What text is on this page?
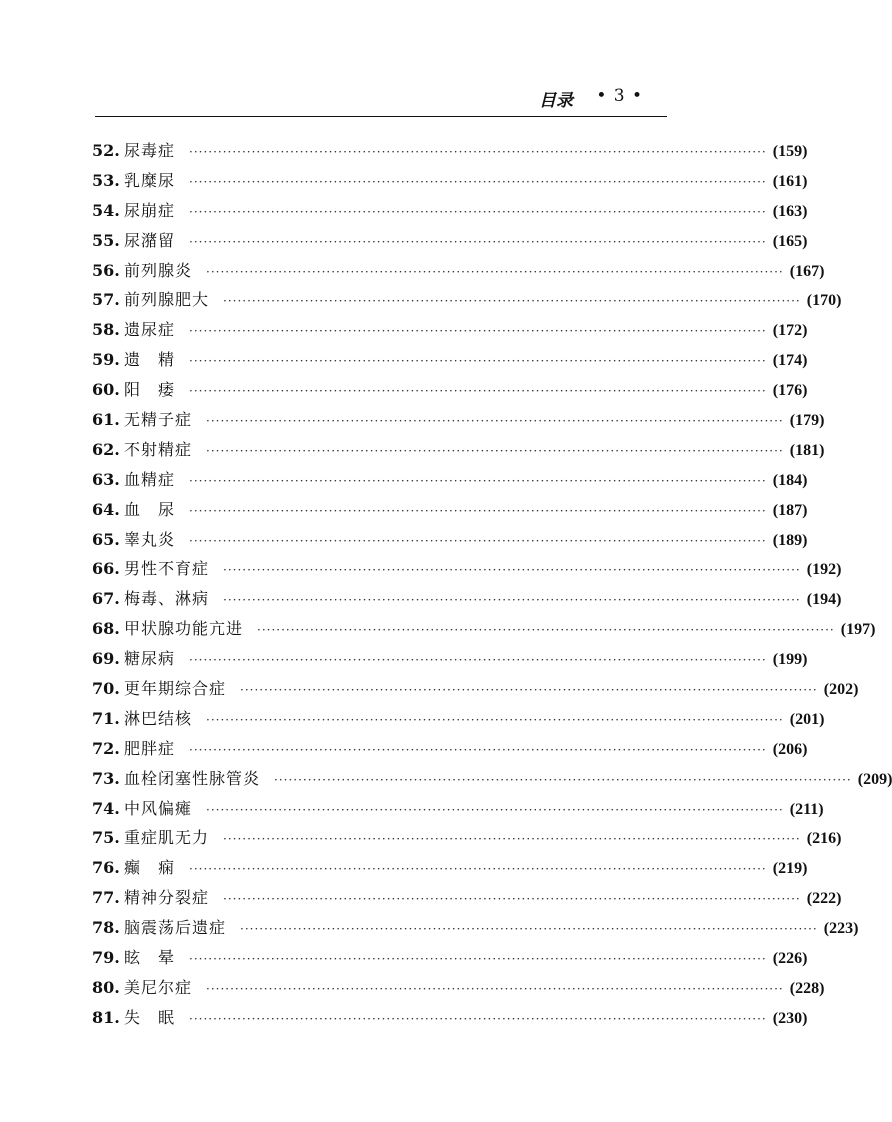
目录 • 3 •
52. 尿毒症 ························································································································ (159)
53. 乳糜尿 ························································································································ (161)
54. 尿崩症 ························································································································ (163)
55. 尿潴留 ························································································································ (165)
56. 前列腺炎 ························································································································ (167)
57. 前列腺肥大 ························································································································ (170)
58. 遗尿症 ························································································································ (172)
59. 遗　精 ························································································································ (174)
60. 阳　痿 ························································································································ (176)
61. 无精子症 ························································································································ (179)
62. 不射精症 ························································································································ (181)
63. 血精症 ························································································································ (184)
64. 血　尿 ························································································································ (187)
65. 睾丸炎 ························································································································ (189)
66. 男性不育症 ························································································································ (192)
67. 梅毒、淋病 ························································································································ (194)
68. 甲状腺功能亢进 ························································································································ (197)
69. 糖尿病 ························································································································ (199)
70. 更年期综合症 ························································································································ (202)
71. 淋巴结核 ························································································································ (201)
72. 肥胖症 ························································································································ (206)
73. 血栓闭塞性脉管炎 ························································································································ (209)
74. 中风偏瘫 ························································································································ (211)
75. 重症肌无力 ························································································································ (216)
76. 癫　痫 ························································································································ (219)
77. 精神分裂症 ························································································································ (222)
78. 脑震荡后遗症 ························································································································ (223)
79. 眩　晕 ························································································································ (226)
80. 美尼尔症 ························································································································ (228)
81. 失　眠 ························································································································ (230)
